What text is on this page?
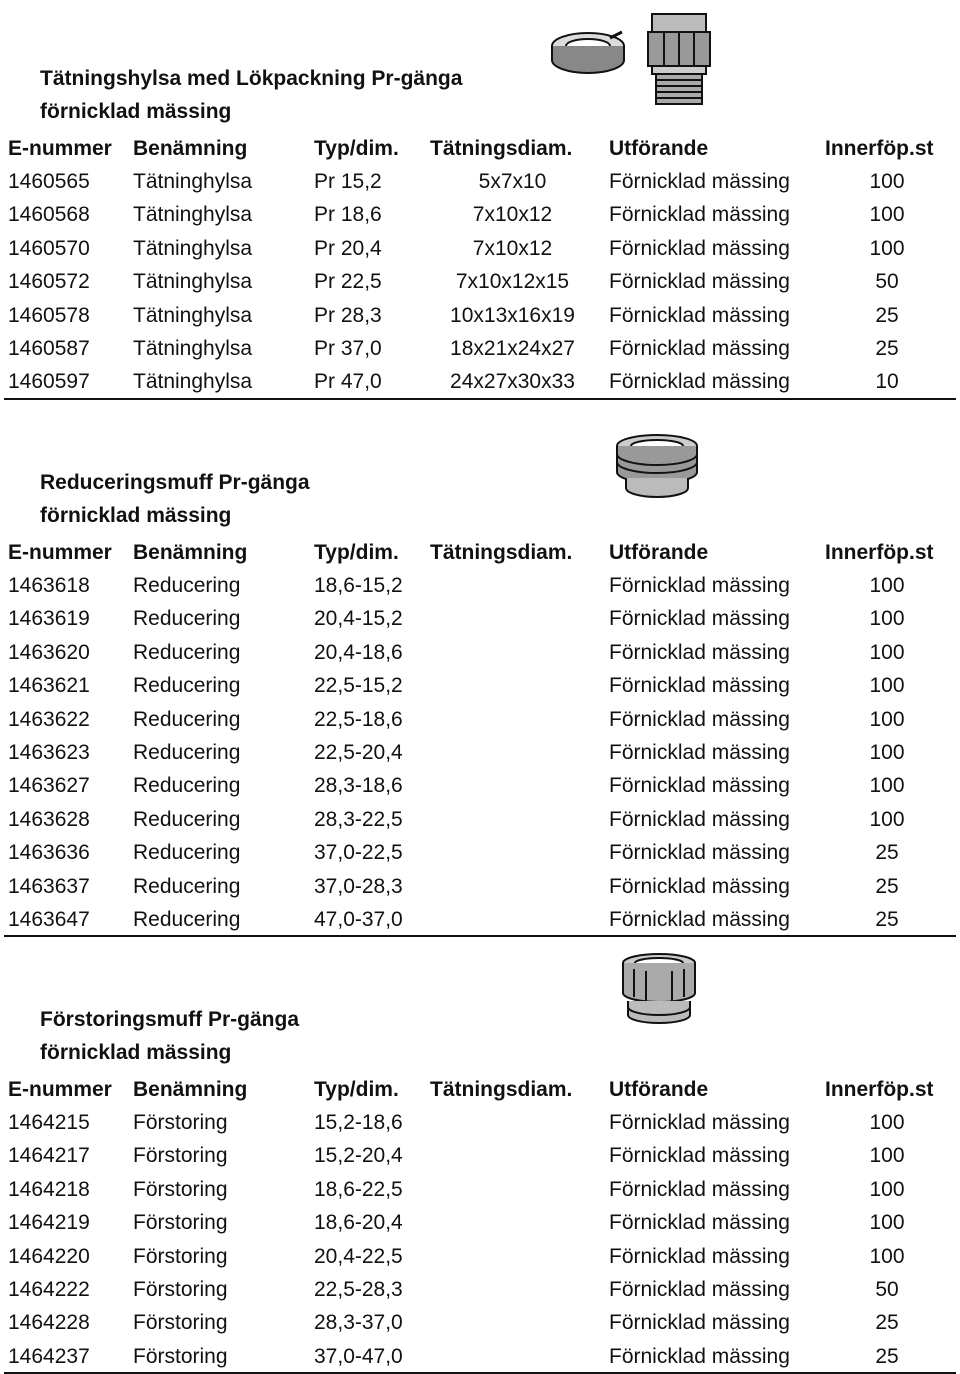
Tätningshylsa med Lökpackning Pr-gänga
förnicklad mässing
E-nummer Benämning	Typ/dim. Tätningsdiam.	Utförande	Innerföp.st
1460565 Tätninghylsa	Pr 15,2	5x7x10	Förnicklad mässing	100
1460568 Tätninghylsa	Pr 18,6	7x10x12	Förnicklad mässing	100
1460570 Tätninghylsa	Pr 20,4	7x10x12	Förnicklad mässing	100
1460572 Tätninghylsa	Pr 22,5	7x10x12x15	Förnicklad mässing	50
1460578 Tätninghylsa	Pr 28,3	10x13x16x19	Förnicklad mässing	25
1460587 Tätninghylsa	Pr 37,0	18x21x24x27	Förnicklad mässing	25
1460597 Tätninghylsa	Pr 47,0	24x27x30x33	Förnicklad mässing	10
Reduceringsmuff Pr-gänga
förnicklad mässing
E-nummer Benämning	Typ/dim. Tätningsdiam.	Utförande	Innerföp.st
1463618 Reducering	18,6-15,2	Förnicklad mässing	100
1463619 Reducering	20,4-15,2	Förnicklad mässing	100
1463620 Reducering	20,4-18,6	Förnicklad mässing	100
1463621 Reducering	22,5-15,2	Förnicklad mässing	100
1463622 Reducering	22,5-18,6	Förnicklad mässing	100
1463623 Reducering	22,5-20,4	Förnicklad mässing	100
1463627 Reducering	28,3-18,6	Förnicklad mässing	100
1463628 Reducering	28,3-22,5	Förnicklad mässing	100
1463636 Reducering	37,0-22,5	Förnicklad mässing	25
1463637 Reducering	37,0-28,3	Förnicklad mässing	25
1463647 Reducering	47,0-37,0	Förnicklad mässing	25
Förstoringsmuff Pr-gänga
förnicklad mässing
E-nummer Benämning	Typ/dim. Tätningsdiam.	Utförande	Innerföp.st
1464215 Förstoring	15,2-18,6	Förnicklad mässing	100
1464217 Förstoring	15,2-20,4	Förnicklad mässing	100
1464218 Förstoring	18,6-22,5	Förnicklad mässing	100
1464219 Förstoring	18,6-20,4	Förnicklad mässing	100
1464220 Förstoring	20,4-22,5	Förnicklad mässing	100
1464222 Förstoring	22,5-28,3	Förnicklad mässing	50
1464228 Förstoring	28,3-37,0	Förnicklad mässing	25
1464237 Förstoring	37,0-47,0	Förnicklad mässing	25
